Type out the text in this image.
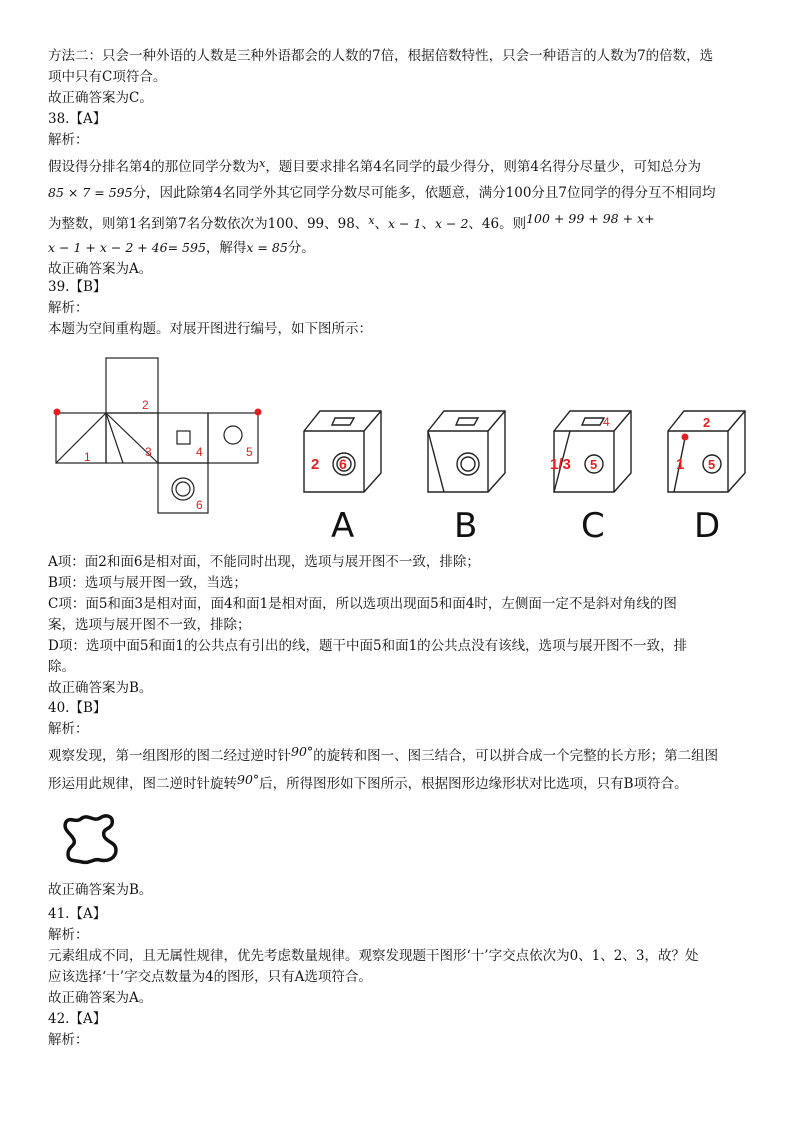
方法二：只会一种外语的人数是三种外语都会的人数的7倍，根据倍数特性，只会一种语言的人数为7的倍数，选
项中只有C项符合。
故正确答案为C。
38.【A】
解析：
假设得分排名第4的那位同学分数为$^x$，题目要求排名第4名同学的最少得分，则第4名得分尽量少，可知总分为
85 × 7 = 595分，因此除第4名同学外其它同学分数尽可能多，依题意，满分100分且7位同学的得分互不相同均
为整数，则第1名到第7名分数依次为100、99、98、$^x$、x − 1、x − 2、46。则100 + 99 + 98 + x+
x − 1 + x − 2 + 46= 595，解得x = 85分。
故正确答案为A。
39.【B】
解析：
本题为空间重构题。对展开图进行编号，如下图所示：
1
2
3	4	5
6
2 6
A	B
1/3 5
4
C
1 5
2
D
A项：面2和面6是相对面，不能同时出现，选项与展开图不一致，排除；
B项：选项与展开图一致，当选；
C项：面5和面3是相对面，面4和面1是相对面，所以选项出现面5和面4时，左侧面一定不是斜对角线的图
案，选项与展开图不一致，排除；
D项：选项中面5和面1的公共点有引出的线，题干中面5和面1的公共点没有该线，选项与展开图不一致，排
除。
故正确答案为B。
40.【B】
解析：
观察发现，第一组图形的图二经过逆时针90°的旋转和图一、图三结合，可以拼合成一个完整的长方形；第二组图
形运用此规律，图二逆时针旋转90°后，所得图形如下图所示，根据图形边缘形状对比选项，只有B项符合。
故正确答案为B。
41.【A】
解析：
元素组成不同，且无属性规律，优先考虑数量规律。观察发现题干图形‘十’字交点依次为0、1、2、3，故？处
应该选择‘十’字交点数量为4的图形，只有A选项符合。
故正确答案为A。
42.【A】
解析：
